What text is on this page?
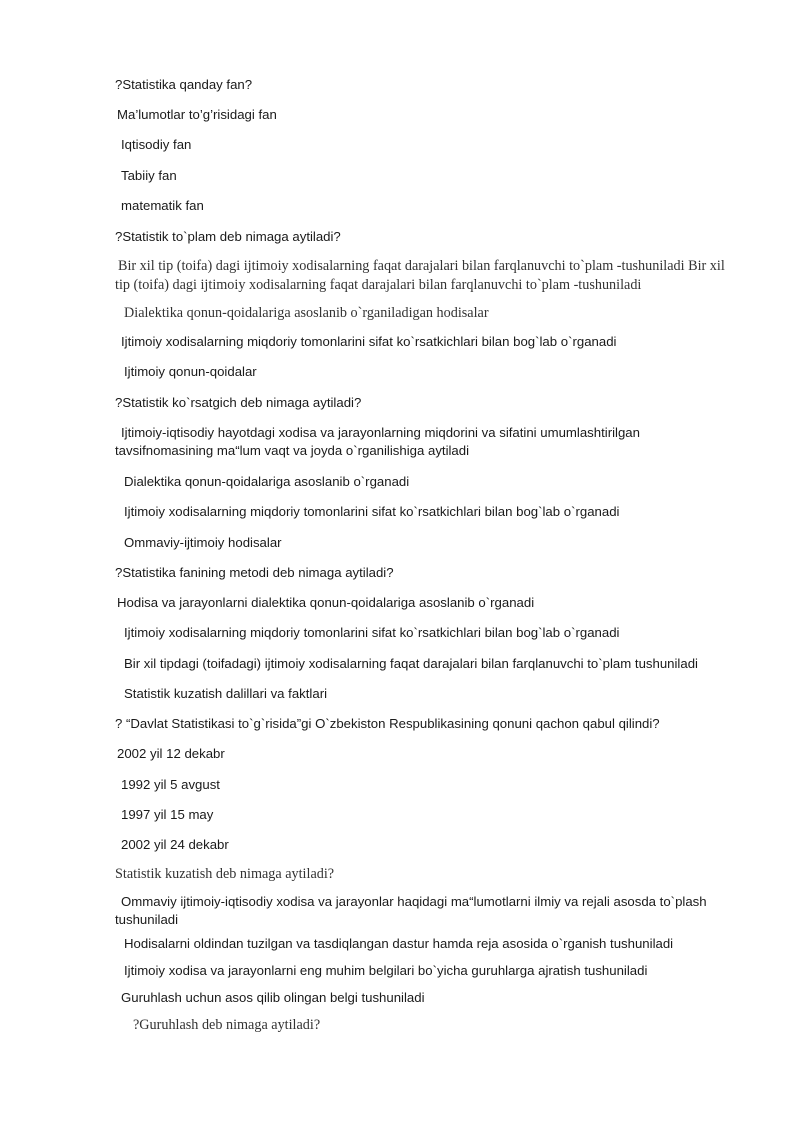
?Statistika qanday fan?

Ma’lumotlar to’g’risidagi fan

Iqtisodiy fan

Tabiiy fan

matematik fan

?Statistik to`plam deb nimaga aytiladi?

Bir xil tip (toifa) dagi ijtimoiy xodisalarning faqat darajalari bilan farqlanuvchi to`plam -tushuniladi Bir xil tip (toifa) dagi ijtimoiy xodisalarning faqat darajalari bilan farqlanuvchi to`plam -tushuniladi

Dialektika qonun-qoidalariga asoslanib o`rganiladigan hodisalar

Ijtimoiy xodisalarning miqdoriy tomonlarini sifat ko`rsatkichlari bilan bog`lab o`rganadi

Ijtimoiy qonun-qoidalar

?Statistik ko`rsatgich deb nimaga aytiladi?

Ijtimoiy-iqtisodiy hayotdagi xodisa va jarayonlarning miqdorini va sifatini umumlashtirilgan tavsifnomasining ma“lum vaqt va joyda o`rganilishiga aytiladi

Dialektika qonun-qoidalariga asoslanib o`rganadi

Ijtimoiy xodisalarning miqdoriy tomonlarini sifat ko`rsatkichlari bilan bog`lab o`rganadi

Ommaviy-ijtimoiy hodisalar

?Statistika fanining metodi deb nimaga aytiladi?

Hodisa va jarayonlarni dialektika qonun-qoidalariga asoslanib o`rganadi

Ijtimoiy xodisalarning miqdoriy tomonlarini sifat ko`rsatkichlari bilan bog`lab o`rganadi

Bir xil tipdagi (toifadagi) ijtimoiy xodisalarning faqat darajalari bilan farqlanuvchi to`plam tushuniladi

Statistik kuzatish dalillari va faktlari

? “Davlat Statistikasi to`g`risida”gi O`zbekiston Respublikasining qonuni qachon qabul qilindi?

2002 yil 12 dekabr

1992 yil 5 avgust

1997 yil 15 may

2002 yil 24 dekabr

Statistik kuzatish deb nimaga aytiladi?

Ommaviy ijtimoiy-iqtisodiy xodisa va jarayonlar haqidagi ma“lumotlarni ilmiy va rejali asosda to`plash tushuniladi

Hodisalarni oldindan tuzilgan va tasdiqlangan dastur hamda reja asosida o`rganish tushuniladi

Ijtimoiy xodisa va jarayonlarni eng muhim belgilari bo`yicha guruhlarga ajratish tushuniladi

Guruhlash uchun asos qilib olingan belgi tushuniladi

?Guruhlash deb nimaga aytiladi?
